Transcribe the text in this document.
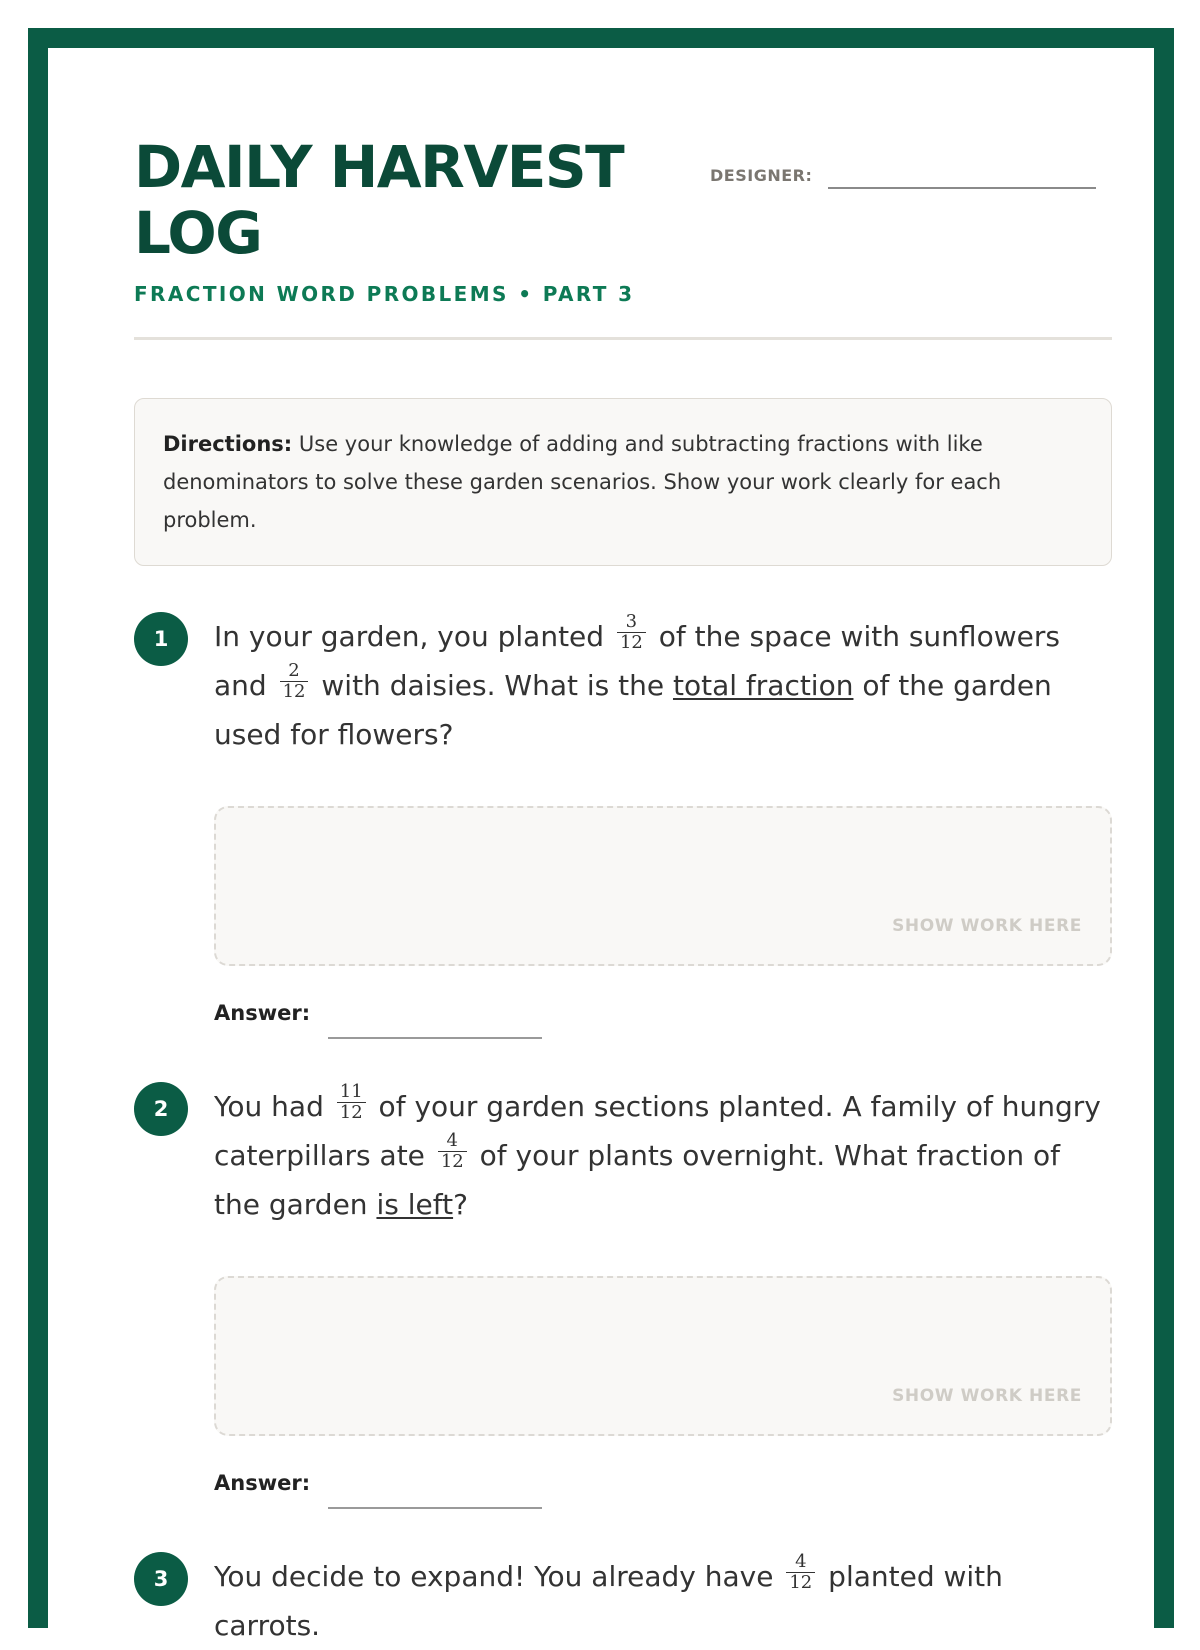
DAILY HARVEST LOG
FRACTION WORD PROBLEMS • PART 3
DESIGNER:
Directions: Use your knowledge of adding and subtracting fractions with like denominators to solve these garden scenarios. Show your work clearly for each problem.
1	In your garden, you planted $\frac{3}{12}$ of the space with sunflowers and $\frac{2}{12}$ with daisies. What is the total fraction of the garden used for flowers?

SHOW WORK HERE
Answer:
2	You had $\frac{11}{12}$ of your garden sections planted. A family of hungry caterpillars ate $\frac{4}{12}$ of your plants overnight. What fraction of the garden is left?

SHOW WORK HERE
Answer:
3	You decide to expand! You already have $\frac{4}{12}$ planted with carrots.
